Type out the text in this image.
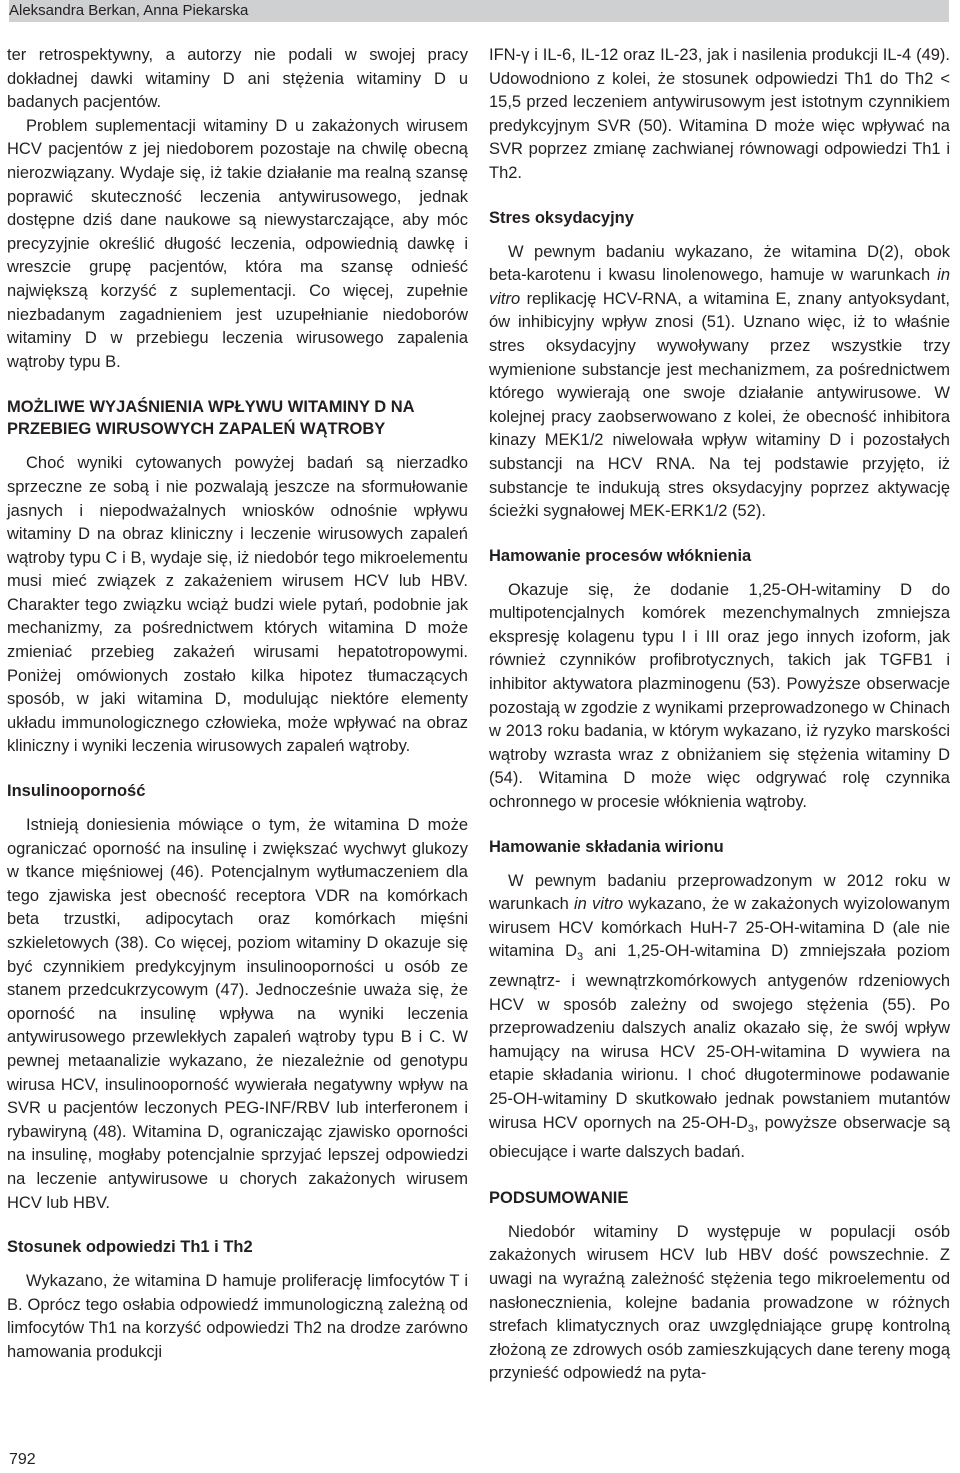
Aleksandra Berkan, Anna Piekarska

ter retrospektywny, a autorzy nie podali w swojej pracy dokładnej dawki witaminy D ani stężenia witaminy D u badanych pacjentów.

Problem suplementacji witaminy D u zakażonych wirusem HCV pacjentów z jej niedoborem pozostaje na chwilę obecną nierozwiązany. Wydaje się, iż takie działanie ma realną szansę poprawić skuteczność leczenia antywirusowego, jednak dostępne dziś dane naukowe są niewystarczające, aby móc precyzyjnie określić długość leczenia, odpowiednią dawkę i wreszcie grupę pacjentów, która ma szansę odnieść największą korzyść z suplementacji. Co więcej, zupełnie niezbadanym zagadnieniem jest uzupełnianie niedoborów witaminy D w przebiegu leczenia wirusowego zapalenia wątroby typu B.

MOŻLIWE WYJAŚNIENIA WPŁYWU WITAMINY D NA PRZEBIEG WIRUSOWYCH ZAPALEŃ WĄTROBY

Choć wyniki cytowanych powyżej badań są nierzadko sprzeczne ze sobą i nie pozwalają jeszcze na sformułowanie jasnych i niepodważalnych wniosków odnośnie wpływu witaminy D na obraz kliniczny i leczenie wirusowych zapaleń wątroby typu C i B, wydaje się, iż niedobór tego mikroelementu musi mieć związek z zakażeniem wirusem HCV lub HBV. Charakter tego związku wciąż budzi wiele pytań, podobnie jak mechanizmy, za pośrednictwem których witamina D może zmieniać przebieg zakażeń wirusami hepatotropowymi. Poniżej omówionych zostało kilka hipotez tłumaczących sposób, w jaki witamina D, modulując niektóre elementy układu immunologicznego człowieka, może wpływać na obraz kliniczny i wyniki leczenia wirusowych zapaleń wątroby.

Insulinooporność

Istnieją doniesienia mówiące o tym, że witamina D może ograniczać oporność na insulinę i zwiększać wychwyt glukozy w tkance mięśniowej (46). Potencjalnym wytłumaczeniem dla tego zjawiska jest obecność receptora VDR na komórkach beta trzustki, adipocytach oraz komórkach mięśni szkieletowych (38). Co więcej, poziom witaminy D okazuje się być czynnikiem predykcyjnym insulinooporności u osób ze stanem przedcukrzycowym (47). Jednocześnie uważa się, że oporność na insulinę wpływa na wyniki leczenia antywirusowego przewlekłych zapaleń wątroby typu B i C. W pewnej metaanalizie wykazano, że niezależnie od genotypu wirusa HCV, insulinooporność wywierała negatywny wpływ na SVR u pacjentów leczonych PEG-INF/RBV lub interferonem i rybawiryną (48). Witamina D, ograniczając zjawisko oporności na insulinę, mogłaby potencjalnie sprzyjać lepszej odpowiedzi na leczenie antywirusowe u chorych zakażonych wirusem HCV lub HBV.

Stosunek odpowiedzi Th1 i Th2

Wykazano, że witamina D hamuje proliferację limfocytów T i B. Oprócz tego osłabia odpowiedź immunologiczną zależną od limfocytów Th1 na korzyść odpowiedzi Th2 na drodze zarówno hamowania produkcji

IFN-γ i IL-6, IL-12 oraz IL-23, jak i nasilenia produkcji IL-4 (49). Udowodniono z kolei, że stosunek odpowiedzi Th1 do Th2 < 15,5 przed leczeniem antywirusowym jest istotnym czynnikiem predykcyjnym SVR (50). Witamina D może więc wpływać na SVR poprzez zmianę zachwianej równowagi odpowiedzi Th1 i Th2.

Stres oksydacyjny

W pewnym badaniu wykazano, że witamina D(2), obok beta-karotenu i kwasu linolenowego, hamuje w warunkach in vitro replikację HCV-RNA, a witamina E, znany antyoksydant, ów inhibicyjny wpływ znosi (51). Uznano więc, iż to właśnie stres oksydacyjny wywoływany przez wszystkie trzy wymienione substancje jest mechanizmem, za pośrednictwem którego wywierają one swoje działanie antywirusowe. W kolejnej pracy zaobserwowano z kolei, że obecność inhibitora kinazy MEK1/2 niwelowała wpływ witaminy D i pozostałych substancji na HCV RNA. Na tej podstawie przyjęto, iż substancje te indukują stres oksydacyjny poprzez aktywację ścieżki sygnałowej MEK-ERK1/2 (52).

Hamowanie procesów włóknienia

Okazuje się, że dodanie 1,25-OH-witaminy D do multipotencjalnych komórek mezenchymalnych zmniejsza ekspresję kolagenu typu I i III oraz jego innych izoform, jak również czynników profibrotycznych, takich jak TGFB1 i inhibitor aktywatora plazminogenu (53). Powyższe obserwacje pozostają w zgodzie z wynikami przeprowadzonego w Chinach w 2013 roku badania, w którym wykazano, iż ryzyko marskości wątroby wzrasta wraz z obniżaniem się stężenia witaminy D (54). Witamina D może więc odgrywać rolę czynnika ochronnego w procesie włóknienia wątroby.

Hamowanie składania wirionu

W pewnym badaniu przeprowadzonym w 2012 roku w warunkach in vitro wykazano, że w zakażonych wyizolowanym wirusem HCV komórkach HuH-7 25-OH-witamina D (ale nie witamina $D_3$ ani 1,25-OH-witamina D) zmniejszała poziom zewnątrz- i wewnątrzkomórkowych antygenów rdzeniowych HCV w sposób zależny od swojego stężenia (55). Po przeprowadzeniu dalszych analiz okazało się, że swój wpływ hamujący na wirusa HCV 25-OH-witamina D wywiera na etapie składania wirionu. I choć długoterminowe podawanie 25-OH-witaminy D skutkowało jednak powstaniem mutantów wirusa HCV opornych na $25-OH-D_3$, powyższe obserwacje są obiecujące i warte dalszych badań.

PODSUMOWANIE

Niedobór witaminy D występuje w populacji osób zakażonych wirusem HCV lub HBV dość powszechnie. Z uwagi na wyraźną zależność stężenia tego mikroelementu od nasłonecznienia, kolejne badania prowadzone w różnych strefach klimatycznych oraz uwzględniające grupę kontrolną złożoną ze zdrowych osób zamieszkujących dane tereny mogą przynieść odpowiedź na pyta-

792
